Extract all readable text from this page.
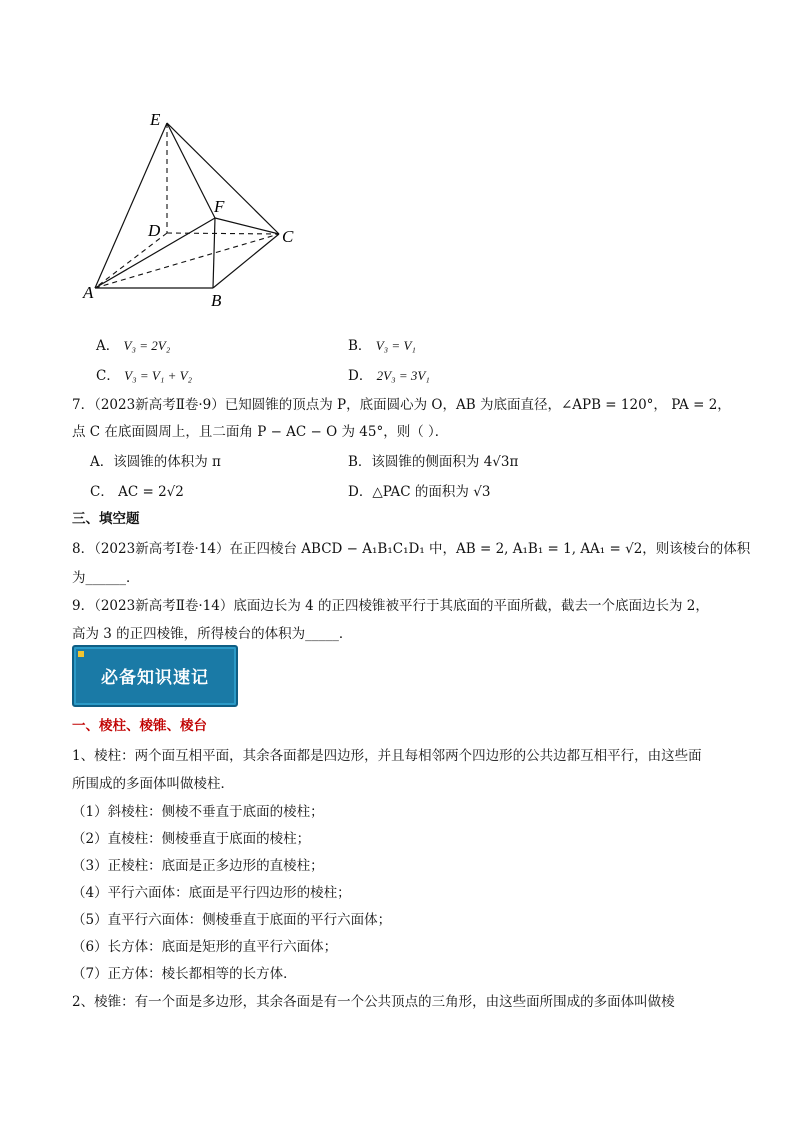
E
F
D	C
A	B
A． V₃ = 2V₂	B． V₃ = V₁
C． V₃ = V₁ + V₂	D． 2V₃ = 3V₁
7．（2023新高考Ⅱ卷·9）已知圆锥的顶点为 P，底面圆心为 O，AB 为底面直径，∠APB = 120°， PA = 2，
点 C 在底面圆周上，且二面角 P − AC − O 为 45°，则（ ）．
A．该圆锥的体积为 π	B．该圆锥的侧面积为 4√3π
C． AC = 2√2	D．△PAC 的面积为 √3
三、填空题
8．（2023新高考Ⅰ卷·14）在正四棱台 ABCD − A₁B₁C₁D₁ 中，AB = 2, A₁B₁ = 1, AA₁ = √2，则该棱台的体积
为______．
9．（2023新高考Ⅱ卷·14）底面边长为 4 的正四棱锥被平行于其底面的平面所截，截去一个底面边长为 2，
高为 3 的正四棱锥，所得棱台的体积为_____．
必备知识速记
一、棱柱、棱锥、棱台
1、棱柱：两个面互相平面，其余各面都是四边形，并且每相邻两个四边形的公共边都互相平行，由这些面
所围成的多面体叫做棱柱．
（1）斜棱柱：侧棱不垂直于底面的棱柱；
（2）直棱柱：侧棱垂直于底面的棱柱；
（3）正棱柱：底面是正多边形的直棱柱；
（4）平行六面体：底面是平行四边形的棱柱；
（5）直平行六面体：侧棱垂直于底面的平行六面体；
（6）长方体：底面是矩形的直平行六面体；
（7）正方体：棱长都相等的长方体．
2、棱锥：有一个面是多边形，其余各面是有一个公共顶点的三角形，由这些面所围成的多面体叫做棱
